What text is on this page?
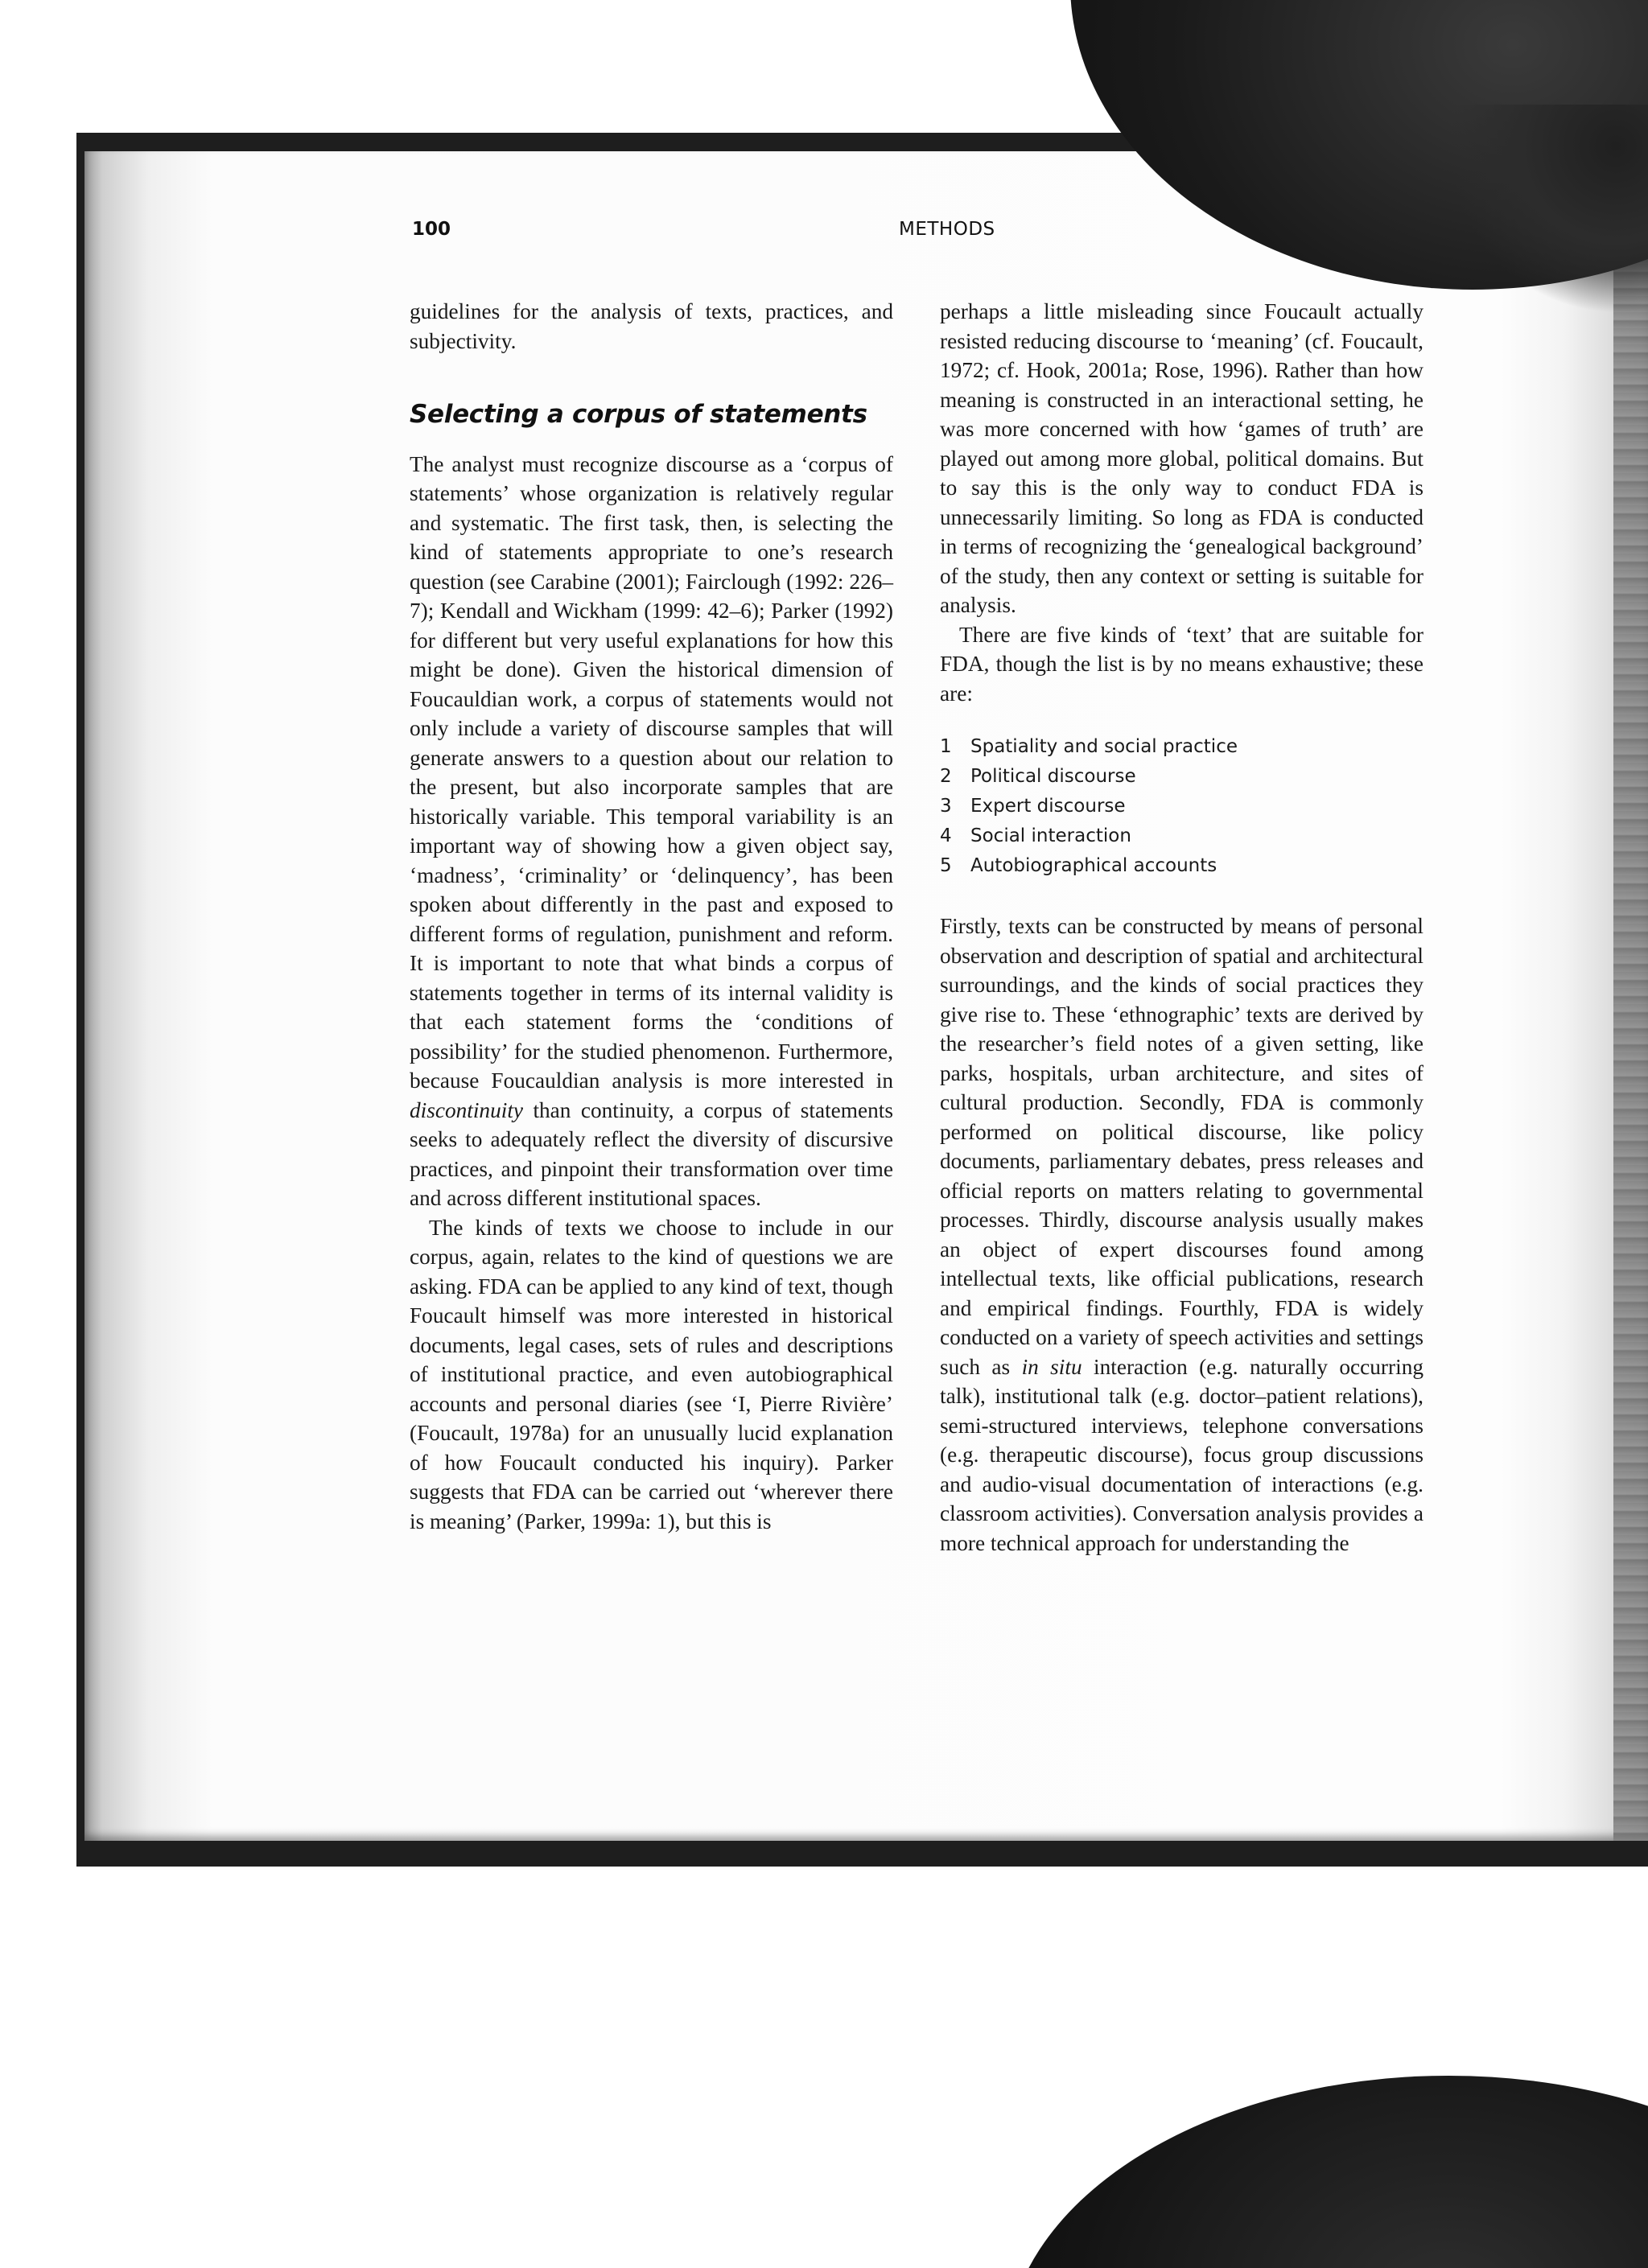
100	METHODS

guidelines for the analysis of texts, practices, and subjectivity.

Selecting a corpus of statements

The analyst must recognize discourse as a ‘corpus of statements’ whose organization is relatively regular and systematic. The first task, then, is selecting the kind of statements appropriate to one’s research question (see Carabine (2001); Fairclough (1992: 226–7); Kendall and Wickham (1999: 42–6); Parker (1992) for different but very useful explanations for how this might be done). Given the historical dimension of Foucauldian work, a corpus of statements would not only include a variety of discourse samples that will generate answers to a question about our relation to the present, but also incorporate samples that are historically variable. This temporal variability is an important way of showing how a given object say, ‘madness’, ‘criminality’ or ‘delinquency’, has been spoken about differently in the past and exposed to different forms of regulation, punishment and reform. It is important to note that what binds a corpus of statements together in terms of its internal validity is that each statement forms the ‘conditions of possibility’ for the studied phenomenon. Furthermore, because Foucauldian analysis is more interested in discontinuity than continuity, a corpus of statements seeks to adequately reflect the diversity of discursive practices, and pinpoint their transformation over time and across different institutional spaces.

The kinds of texts we choose to include in our corpus, again, relates to the kind of questions we are asking. FDA can be applied to any kind of text, though Foucault himself was more interested in historical documents, legal cases, sets of rules and descriptions of institutional practice, and even autobiographical accounts and personal diaries (see ‘I, Pierre Rivière’ (Foucault, 1978a) for an unusually lucid explanation of how Foucault conducted his inquiry). Parker suggests that FDA can be carried out ‘wherever there is meaning’ (Parker, 1999a: 1), but this is

perhaps a little misleading since Foucault actually resisted reducing discourse to ‘meaning’ (cf. Foucault, 1972; cf. Hook, 2001a; Rose, 1996). Rather than how meaning is constructed in an interactional setting, he was more concerned with how ‘games of truth’ are played out among more global, political domains. But to say this is the only way to conduct FDA is unnecessarily limiting. So long as FDA is conducted in terms of recognizing the ‘genealogical background’ of the study, then any context or setting is suitable for analysis.

There are five kinds of ‘text’ that are suitable for FDA, though the list is by no means exhaustive; these are:

1	Spatiality and social practice
2	Political discourse
3	Expert discourse
4	Social interaction
5	Autobiographical accounts

Firstly, texts can be constructed by means of personal observation and description of spatial and architectural surroundings, and the kinds of social practices they give rise to. These ‘ethnographic’ texts are derived by the researcher’s field notes of a given setting, like parks, hospitals, urban architecture, and sites of cultural production. Secondly, FDA is commonly performed on political discourse, like policy documents, parliamentary debates, press releases and official reports on matters relating to governmental processes. Thirdly, discourse analysis usually makes an object of expert discourses found among intellectual texts, like official publications, research and empirical findings. Fourthly, FDA is widely conducted on a variety of speech activities and settings such as in situ interaction (e.g. naturally occurring talk), institutional talk (e.g. doctor–patient relations), semi-structured interviews, telephone conversations (e.g. therapeutic discourse), focus group discussions and audio-visual documentation of interactions (e.g. classroom activities). Conversation analysis provides a more technical approach for understanding the
